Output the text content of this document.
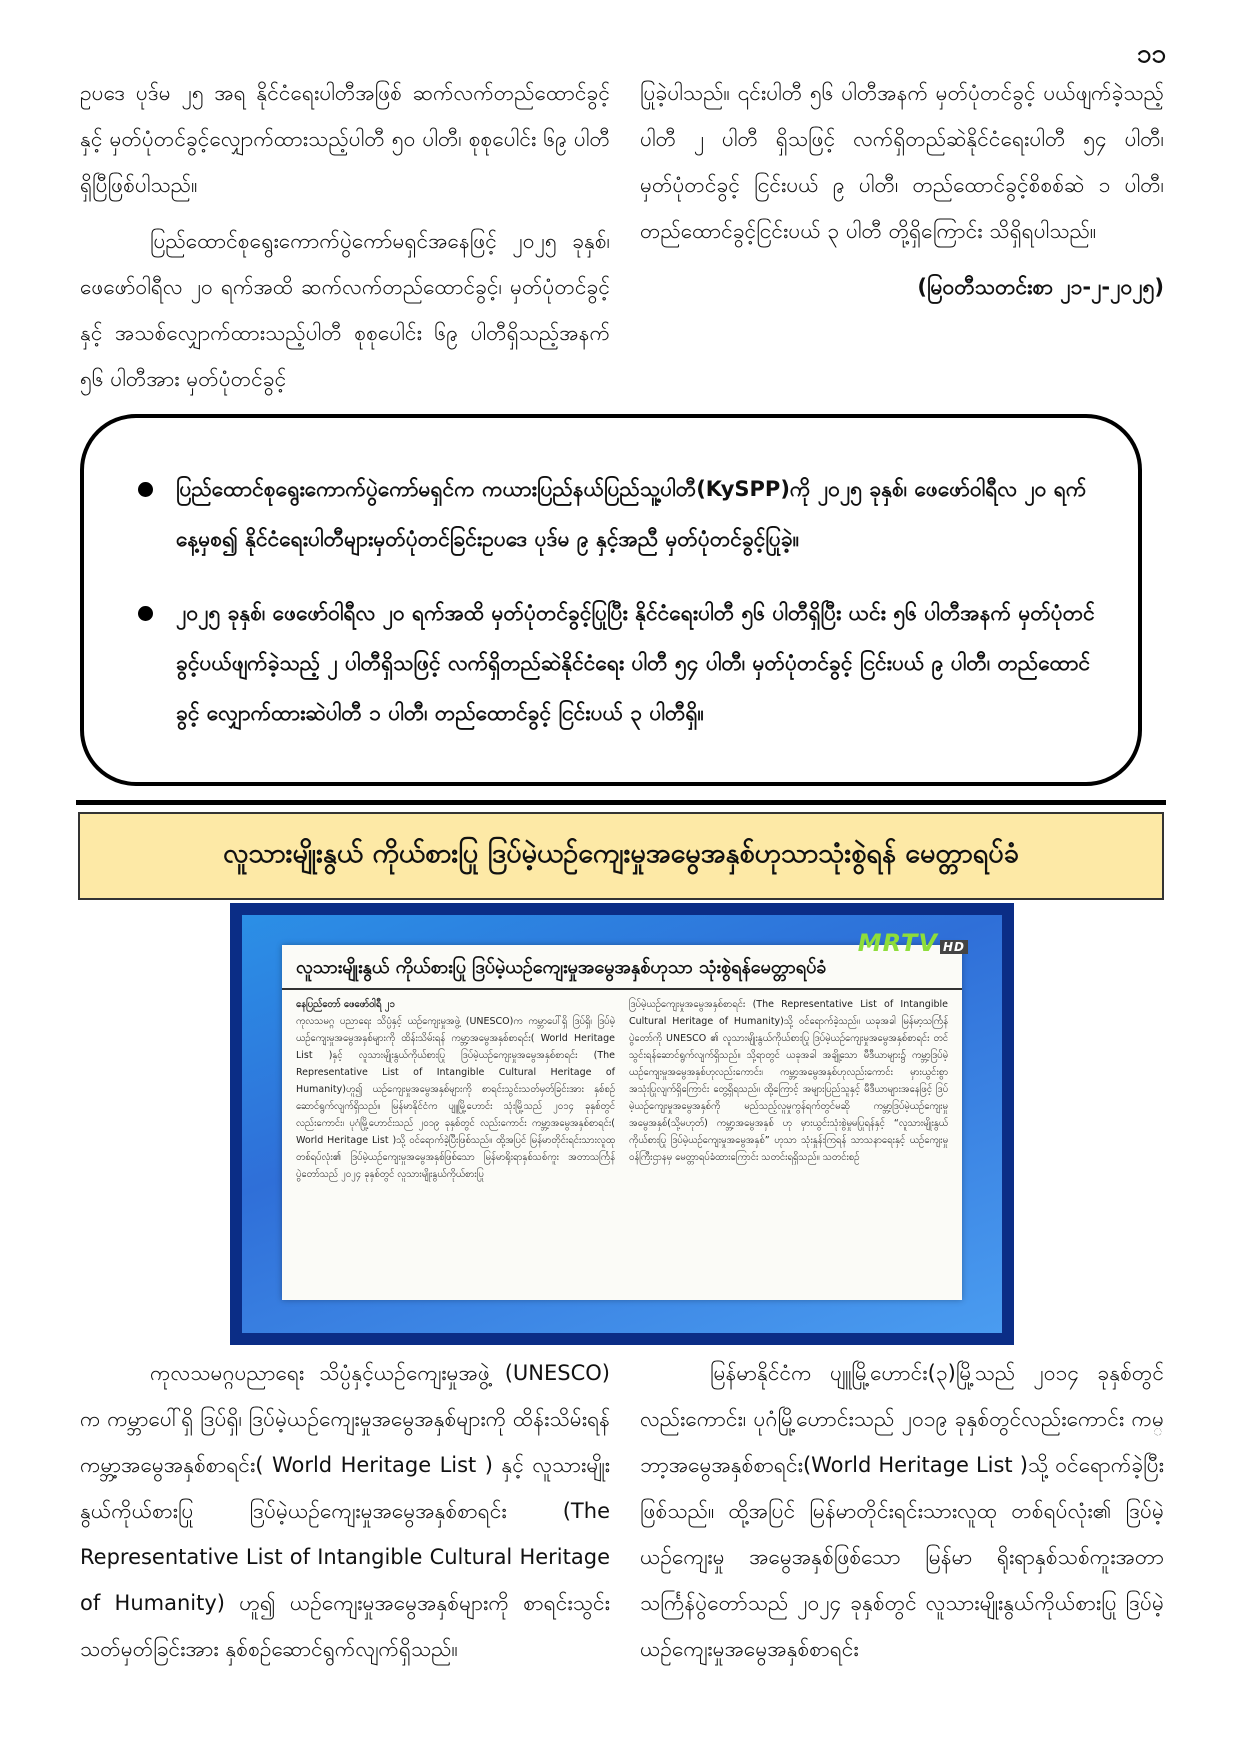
၁၁

ဥပဒေ ပုဒ်မ ၂၅ အရ နိုင်ငံရေးပါတီအဖြစ် ဆက်လက်တည်ထောင်ခွင့်နှင့် မှတ်ပုံတင်ခွင့်လျှောက်ထားသည့်ပါတီ ၅၀ ပါတီ၊ စုစုပေါင်း ၆၉ ပါတီရှိပြီဖြစ်ပါသည်။

ပြည်ထောင်စုရွေးကောက်ပွဲကော်မရှင်အနေဖြင့် ၂၀၂၅ ခုနှစ်၊ ဖေဖော်ဝါရီလ ၂၀ ရက်အထိ ဆက်လက်တည်ထောင်ခွင့်၊ မှတ်ပုံတင်ခွင့်နှင့် အသစ်လျှောက်ထားသည့်ပါတီ စုစုပေါင်း ၆၉ ပါတီရှိသည့်အနက် ၅၆ ပါတီအား မှတ်ပုံတင်ခွင့်

ပြုခဲ့ပါသည်။ ၎င်းပါတီ ၅၆ ပါတီအနက် မှတ်ပုံတင်ခွင့် ပယ်ဖျက်ခဲ့သည့်ပါတီ ၂ ပါတီ ရှိသဖြင့် လက်ရှိတည်ဆဲနိုင်ငံရေးပါတီ ၅၄ ပါတီ၊ မှတ်ပုံတင်ခွင့် ငြင်းပယ် ၉ ပါတီ၊ တည်ထောင်ခွင့်စိစစ်ဆဲ ၁ ပါတီ၊ တည်ထောင်ခွင့်ငြင်းပယ် ၃ ပါတီ တို့ရှိကြောင်း သိရှိရပါသည်။

(မြဝတီသတင်းစာ ၂၁-၂-၂၀၂၅)
ပြည်ထောင်စုရွေးကောက်ပွဲကော်မရှင်က ကယားပြည်နယ်ပြည်သူ့ပါတီ(KySPP)ကို ၂၀၂၅ ခုနှစ်၊ ဖေဖော်ဝါရီလ ၂၀ ရက်နေ့မှစ၍ နိုင်ငံရေးပါတီများမှတ်ပုံတင်ခြင်းဥပဒေ ပုဒ်မ ၉ နှင့်အညီ မှတ်ပုံတင်ခွင့်ပြုခဲ့။
၂၀၂၅ ခုနှစ်၊ ဖေဖော်ဝါရီလ ၂၀ ရက်အထိ မှတ်ပုံတင်ခွင့်ပြုပြီး နိုင်ငံရေးပါတီ ၅၆ ပါတီရှိပြီး ယင်း ၅၆ ပါတီအနက် မှတ်ပုံတင်ခွင့်ပယ်ဖျက်ခဲ့သည့် ၂ ပါတီရှိသဖြင့် လက်ရှိတည်ဆဲနိုင်ငံရေး ပါတီ ၅၄ ပါတီ၊ မှတ်ပုံတင်ခွင့် ငြင်းပယ် ၉ ပါတီ၊ တည်ထောင်ခွင့် လျှောက်ထားဆဲပါတီ ၁ ပါတီ၊ တည်ထောင်ခွင့် ငြင်းပယ် ၃ ပါတီရှိ။
လူသားမျိုးနွယ် ကိုယ်စားပြု ဒြပ်မဲ့ယဉ်ကျေးမှုအမွေအနှစ်ဟုသာသုံးစွဲရန် မေတ္တာရပ်ခံ
လူသားမျိုးနွယ် ကိုယ်စားပြု ဒြပ်မဲ့ယဉ်ကျေးမှုအမွေအနှစ်ဟုသာ သုံးစွဲရန်မေတ္တာရပ်ခံ
နေပြည်တော် ဖေဖော်ဝါရီ ၂၁
ကုလသမဂ္ဂ ပညာရေး သိပ္ပံနှင့် ယဉ်ကျေးမှုအဖွဲ့ (UNESCO)က ကမ္ဘာပေါ်ရှိ ဒြပ်ရှိ၊ ဒြပ်မဲ့ယဉ်ကျေးမှုအမွေအနှစ်များကို ထိန်းသိမ်းရန် ကမ္ဘာ့အမွေအနှစ်စာရင်း( World Heritage List )နှင့် လူသားမျိုးနွယ်ကိုယ်စားပြု ဒြပ်မဲ့ယဉ်ကျေးမှုအမွေအနှစ်စာရင်း (The Representative List of Intangible Cultural Heritage of Humanity)ဟူ၍ ယဉ်ကျေးမှုအမွေအနှစ်များကို စာရင်းသွင်းသတ်မှတ်ခြင်းအား နှစ်စဉ်ဆောင်ရွက်လျက်ရှိသည်။ မြန်မာနိုင်ငံက ပျူမြို့ဟောင်း သုံးမြို့သည် ၂၀၁၄ ခုနှစ်တွင် လည်းကောင်း၊ ပုဂံမြို့ဟောင်းသည် ၂၀၁၉ ခုနှစ်တွင် လည်းကောင်း ကမ္ဘာ့အမွေအနှစ်စာရင်း( World Heritage List )သို့ ဝင်ရောက်ခဲ့ပြီးဖြစ်သည်။ ထို့အပြင် မြန်မာတိုင်းရင်းသားလူထုတစ်ရပ်လုံး၏ ဒြပ်မဲ့ယဉ်ကျေးမှုအမွေအနှစ်ဖြစ်သော မြန်မာရိုးရာနှစ်သစ်ကူး အတာသင်္ကြန်ပွဲတော်သည် ၂၀၂၄ ခုနှစ်တွင် လူသားမျိုးနွယ်ကိုယ်စားပြု
ဒြပ်မဲ့ယဉ်ကျေးမှုအမွေအနှစ်စာရင်း (The Representative List of Intangible Cultural Heritage of Humanity)သို့ ဝင်ရောက်ခဲ့သည်။ ယခုအခါ မြန်မာ့သင်္ကြန်ပွဲတော်ကို UNESCO ၏ လူသားမျိုးနွယ်ကိုယ်စားပြု ဒြပ်မဲ့ယဉ်ကျေးမှုအမွေအနှစ်စာရင်း တင်သွင်းရန်ဆောင်ရွက်လျက်ရှိသည်။ သို့ရာတွင် ယခုအခါ အချို့သော မီဒီယာများ၌ ကမ္ဘာ့ဒြပ်မဲ့ယဉ်ကျေးမှုအမွေအနှစ်ဟုလည်းကောင်း၊ ကမ္ဘာ့အမွေအနှစ်ဟုလည်းကောင်း မှားယွင်းစွာ အသုံးပြုလျက်ရှိကြောင်း တွေ့ရှိရသည်။ ထို့ကြောင့် အများပြည်သူနှင့် မီဒီယာများအနေဖြင့် ဒြပ်မဲ့ယဉ်ကျေးမှုအမွေအနှစ်ကို မည်သည့်လူမှုကွန်ရက်တွင်မဆို ကမ္ဘာ့ဒြပ်မဲ့ယဉ်ကျေးမှုအမွေအနှစ်(သို့မဟုတ်) ကမ္ဘာ့အမွေအနှစ် ဟု မှားယွင်းသုံးစွဲမှုမပြုရန်နှင့် “လူသားမျိုးနွယ်ကိုယ်စားပြု ဒြပ်မဲ့ယဉ်ကျေးမှုအမွေအနှစ်” ဟုသာ သုံးနှုန်းကြရန် သာသနာရေးနှင့် ယဉ်ကျေးမှုဝန်ကြီးဌာနမှ မေတ္တာရပ်ခံထားကြောင်း သတင်းရရှိသည်။ သတင်းစဉ်
MRTV HD

ကုလသမဂ္ဂပညာရေး သိပ္ပံနှင့်ယဉ်ကျေးမှုအဖွဲ့ (UNESCO) က ကမ္ဘာပေါ်ရှိ ဒြပ်ရှိ၊ ဒြပ်မဲ့ယဉ်ကျေးမှုအမွေအနှစ်များကို ထိန်းသိမ်းရန် ကမ္ဘာ့အမွေအနှစ်စာရင်း( World Heritage List ) နှင့် လူသားမျိုးနွယ်ကိုယ်စားပြု ဒြပ်မဲ့ယဉ်ကျေးမှုအမွေအနှစ်စာရင်း (The Representative List of Intangible Cultural Heritage of Humanity) ဟူ၍ ယဉ်ကျေးမှုအမွေအနှစ်များကို စာရင်းသွင်းသတ်မှတ်ခြင်းအား နှစ်စဉ်ဆောင်ရွက်လျက်ရှိသည်။

မြန်မာနိုင်ငံက ပျူမြို့ဟောင်း(၃)မြို့သည် ၂၀၁၄ ခုနှစ်တွင်လည်းကောင်း၊ ပုဂံမြို့ဟောင်းသည် ၂၀၁၉ ခုနှစ်တွင်လည်းကောင်း ကမ္ဘာ့အမွေအနှစ်စာရင်း(World Heritage List )သို့ ဝင်ရောက်ခဲ့ပြီးဖြစ်သည်။ ထို့အပြင် မြန်မာတိုင်းရင်းသားလူထု တစ်ရပ်လုံး၏ ဒြပ်မဲ့ယဉ်ကျေးမှု အမွေအနှစ်ဖြစ်သော မြန်မာ ရိုးရာနှစ်သစ်ကူးအတာသင်္ကြန်ပွဲတော်သည် ၂၀၂၄ ခုနှစ်တွင် လူသားမျိုးနွယ်ကိုယ်စားပြု ဒြပ်မဲ့ယဉ်ကျေးမှုအမွေအနှစ်စာရင်း
